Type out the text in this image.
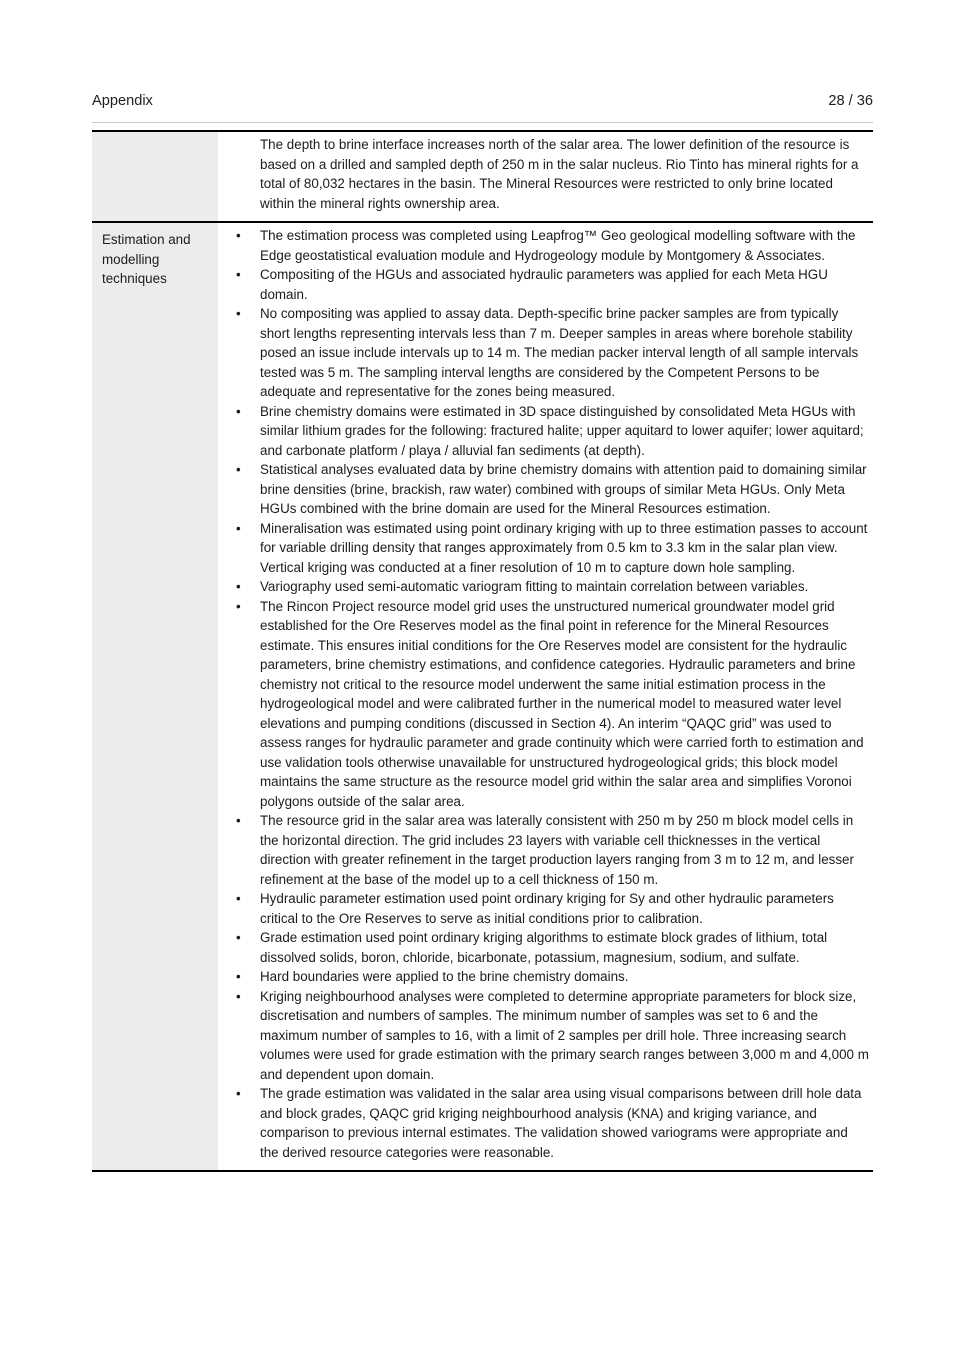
Appendix	28 / 36

The depth to brine interface increases north of the salar area. The lower definition of the resource is based on a drilled and sampled depth of 250 m in the salar nucleus. Rio Tinto has mineral rights for a total of 80,032 hectares in the basin. The Mineral Resources were restricted to only brine located within the mineral rights ownership area.

Estimation and modelling techniques
• The estimation process was completed using Leapfrog™ Geo geological modelling software with the Edge geostatistical evaluation module and Hydrogeology module by Montgomery & Associates.
• Compositing of the HGUs and associated hydraulic parameters was applied for each Meta HGU domain.
• No compositing was applied to assay data. Depth-specific brine packer samples are from typically short lengths representing intervals less than 7 m. Deeper samples in areas where borehole stability posed an issue include intervals up to 14 m. The median packer interval length of all sample intervals tested was 5 m. The sampling interval lengths are considered by the Competent Persons to be adequate and representative for the zones being measured.
• Brine chemistry domains were estimated in 3D space distinguished by consolidated Meta HGUs with similar lithium grades for the following: fractured halite; upper aquitard to lower aquifer; lower aquitard; and carbonate platform / playa / alluvial fan sediments (at depth).
• Statistical analyses evaluated data by brine chemistry domains with attention paid to domaining similar brine densities (brine, brackish, raw water) combined with groups of similar Meta HGUs. Only Meta HGUs combined with the brine domain are used for the Mineral Resources estimation.
• Mineralisation was estimated using point ordinary kriging with up to three estimation passes to account for variable drilling density that ranges approximately from 0.5 km to 3.3 km in the salar plan view. Vertical kriging was conducted at a finer resolution of 10 m to capture down hole sampling.
• Variography used semi-automatic variogram fitting to maintain correlation between variables.
• The Rincon Project resource model grid uses the unstructured numerical groundwater model grid established for the Ore Reserves model as the final point in reference for the Mineral Resources estimate. This ensures initial conditions for the Ore Reserves model are consistent for the hydraulic parameters, brine chemistry estimations, and confidence categories. Hydraulic parameters and brine chemistry not critical to the resource model underwent the same initial estimation process in the hydrogeological model and were calibrated further in the numerical model to measured water level elevations and pumping conditions (discussed in Section 4). An interim “QAQC grid” was used to assess ranges for hydraulic parameter and grade continuity which were carried forth to estimation and use validation tools otherwise unavailable for unstructured hydrogeological grids; this block model maintains the same structure as the resource model grid within the salar area and simplifies Voronoi polygons outside of the salar area.
• The resource grid in the salar area was laterally consistent with 250 m by 250 m block model cells in the horizontal direction. The grid includes 23 layers with variable cell thicknesses in the vertical direction with greater refinement in the target production layers ranging from 3 m to 12 m, and lesser refinement at the base of the model up to a cell thickness of 150 m.
• Hydraulic parameter estimation used point ordinary kriging for Sy and other hydraulic parameters critical to the Ore Reserves to serve as initial conditions prior to calibration.
• Grade estimation used point ordinary kriging algorithms to estimate block grades of lithium, total dissolved solids, boron, chloride, bicarbonate, potassium, magnesium, sodium, and sulfate.
• Hard boundaries were applied to the brine chemistry domains.
• Kriging neighbourhood analyses were completed to determine appropriate parameters for block size, discretisation and numbers of samples. The minimum number of samples was set to 6 and the maximum number of samples to 16, with a limit of 2 samples per drill hole. Three increasing search volumes were used for grade estimation with the primary search ranges between 3,000 m and 4,000 m and dependent upon domain.
• The grade estimation was validated in the salar area using visual comparisons between drill hole data and block grades, QAQC grid kriging neighbourhood analysis (KNA) and kriging variance, and comparison to previous internal estimates. The validation showed variograms were appropriate and the derived resource categories were reasonable.
